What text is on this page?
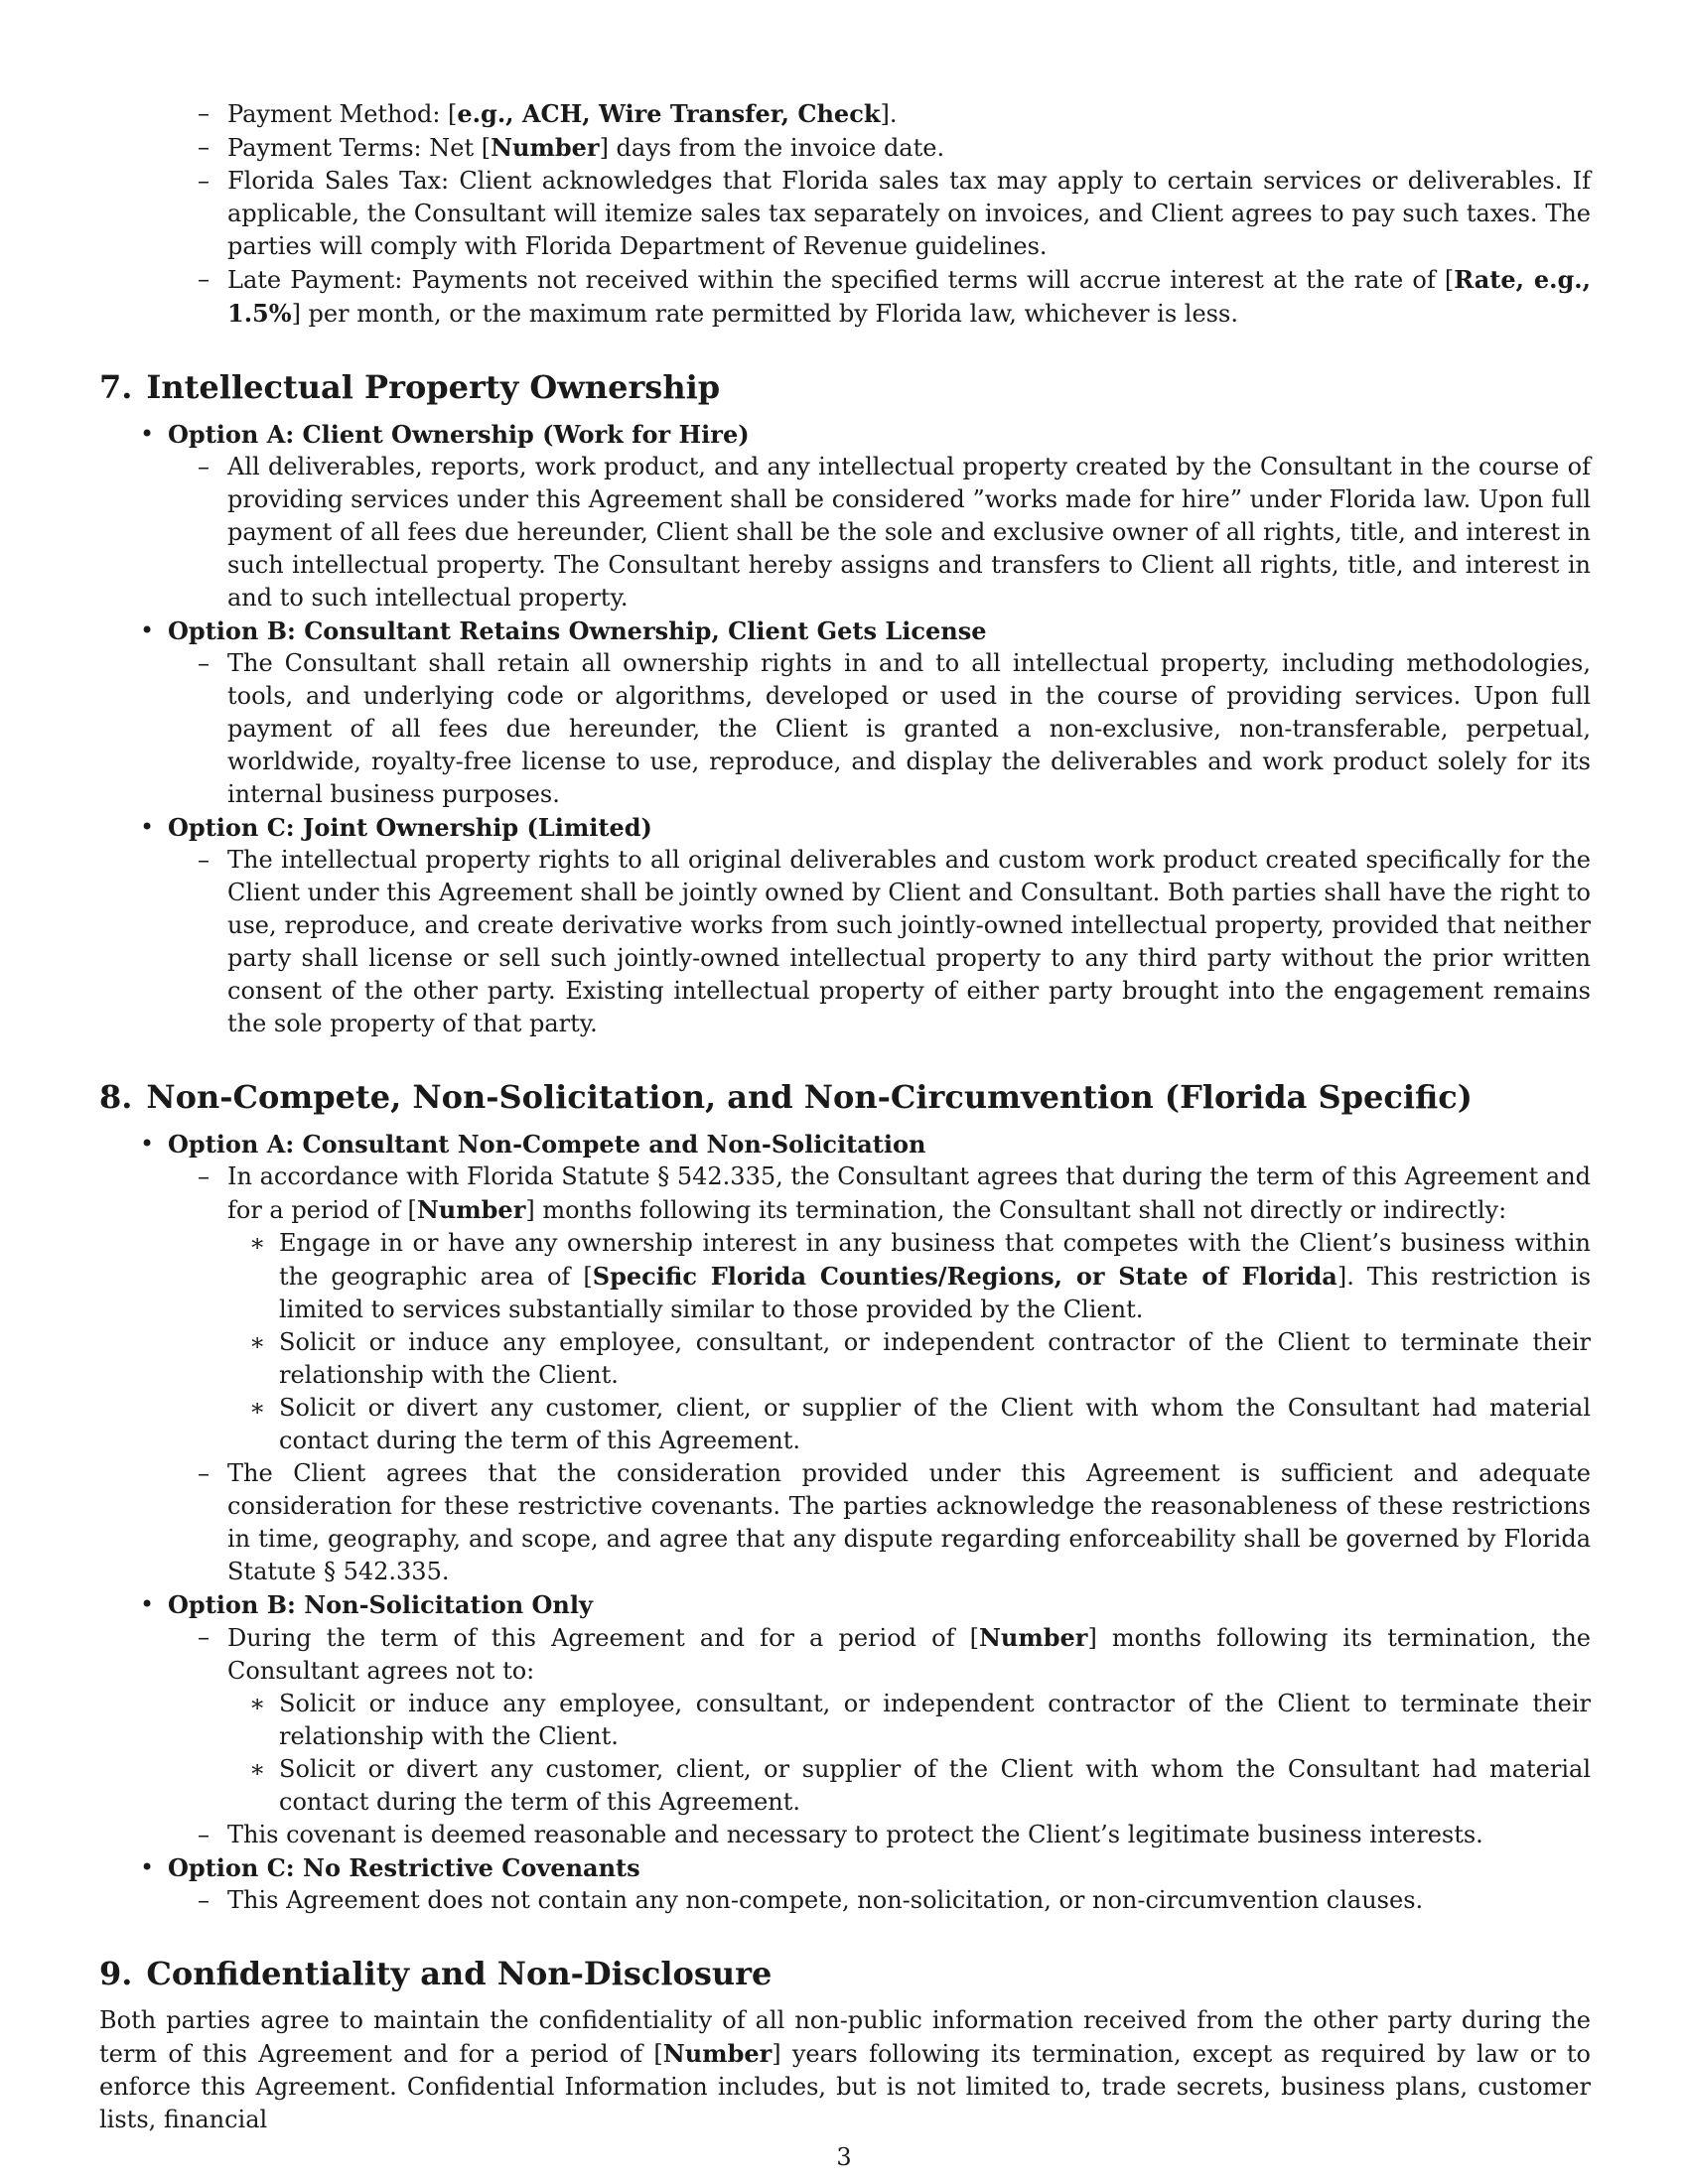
– Payment Method: [e.g., ACH, Wire Transfer, Check].
– Payment Terms: Net [Number] days from the invoice date.
– Florida Sales Tax: Client acknowledges that Florida sales tax may apply to certain services or deliverables. If applicable, the Consultant will itemize sales tax separately on invoices, and Client agrees to pay such taxes. The parties will comply with Florida Department of Revenue guidelines.
– Late Payment: Payments not received within the specified terms will accrue interest at the rate of [Rate, e.g., 1.5%] per month, or the maximum rate permitted by Florida law, whichever is less.
7. Intellectual Property Ownership
• Option A: Client Ownership (Work for Hire)
– All deliverables, reports, work product, and any intellectual property created by the Consultant in the course of providing services under this Agreement shall be considered ”works made for hire” under Florida law. Upon full payment of all fees due hereunder, Client shall be the sole and exclusive owner of all rights, title, and interest in such intellectual property. The Consultant hereby assigns and transfers to Client all rights, title, and interest in and to such intellectual property.
• Option B: Consultant Retains Ownership, Client Gets License
– The Consultant shall retain all ownership rights in and to all intellectual property, including methodologies, tools, and underlying code or algorithms, developed or used in the course of providing services. Upon full payment of all fees due hereunder, the Client is granted a non-exclusive, non-transferable, perpetual, worldwide, royalty-free license to use, reproduce, and display the deliverables and work product solely for its internal business purposes.
• Option C: Joint Ownership (Limited)
– The intellectual property rights to all original deliverables and custom work product created specifically for the Client under this Agreement shall be jointly owned by Client and Consultant. Both parties shall have the right to use, reproduce, and create derivative works from such jointly-owned intellectual property, provided that neither party shall license or sell such jointly-owned intellectual property to any third party without the prior written consent of the other party. Existing intellectual property of either party brought into the engagement remains the sole property of that party.
8. Non-Compete, Non-Solicitation, and Non-Circumvention (Florida Specific)
• Option A: Consultant Non-Compete and Non-Solicitation
– In accordance with Florida Statute § 542.335, the Consultant agrees that during the term of this Agreement and for a period of [Number] months following its termination, the Consultant shall not directly or indirectly:
∗ Engage in or have any ownership interest in any business that competes with the Client’s business within the geographic area of [Specific Florida Counties/Regions, or State of Florida]. This restriction is limited to services substantially similar to those provided by the Client.
∗ Solicit or induce any employee, consultant, or independent contractor of the Client to terminate their relationship with the Client.
∗ Solicit or divert any customer, client, or supplier of the Client with whom the Consultant had material contact during the term of this Agreement.
– The Client agrees that the consideration provided under this Agreement is sufficient and adequate consideration for these restrictive covenants. The parties acknowledge the reasonableness of these restrictions in time, geography, and scope, and agree that any dispute regarding enforceability shall be governed by Florida Statute § 542.335.
• Option B: Non-Solicitation Only
– During the term of this Agreement and for a period of [Number] months following its termination, the Consultant agrees not to:
∗ Solicit or induce any employee, consultant, or independent contractor of the Client to terminate their relationship with the Client.
∗ Solicit or divert any customer, client, or supplier of the Client with whom the Consultant had material contact during the term of this Agreement.
– This covenant is deemed reasonable and necessary to protect the Client’s legitimate business interests.
• Option C: No Restrictive Covenants
– This Agreement does not contain any non-compete, non-solicitation, or non-circumvention clauses.
9. Confidentiality and Non-Disclosure

Both parties agree to maintain the confidentiality of all non-public information received from the other party during the term of this Agreement and for a period of [Number] years following its termination, except as required by law or to enforce this Agreement. Confidential Information includes, but is not limited to, trade secrets, business plans, customer lists, financial

3
